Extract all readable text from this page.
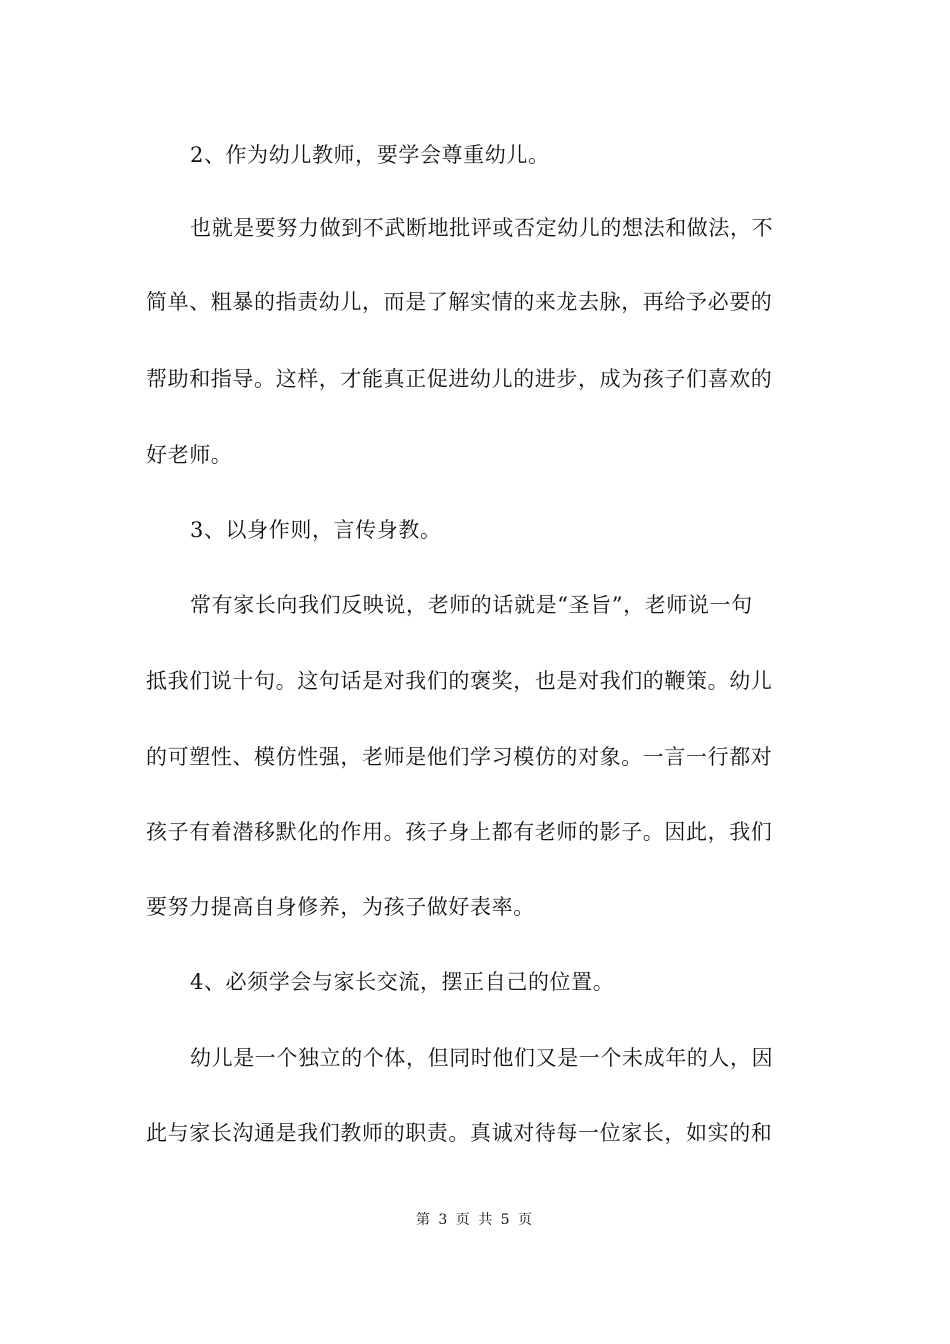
2、作为幼儿教师，要学会尊重幼儿。
也就是要努力做到不武断地批评或否定幼儿的想法和做法，不
简单、粗暴的指责幼儿，而是了解实情的来龙去脉，再给予必要的
帮助和指导。这样，才能真正促进幼儿的进步，成为孩子们喜欢的
好老师。
3、以身作则，言传身教。
常有家长向我们反映说，老师的话就是“圣旨”，老师说一句
抵我们说十句。这句话是对我们的褒奖，也是对我们的鞭策。幼儿
的可塑性、模仿性强，老师是他们学习模仿的对象。一言一行都对
孩子有着潜移默化的作用。孩子身上都有老师的影子。因此，我们
要努力提高自身修养，为孩子做好表率。
4、必须学会与家长交流，摆正自己的位置。
幼儿是一个独立的个体，但同时他们又是一个未成年的人，因
此与家长沟通是我们教师的职责。真诚对待每一位家长，如实的和
第 3 页 共 5 页
